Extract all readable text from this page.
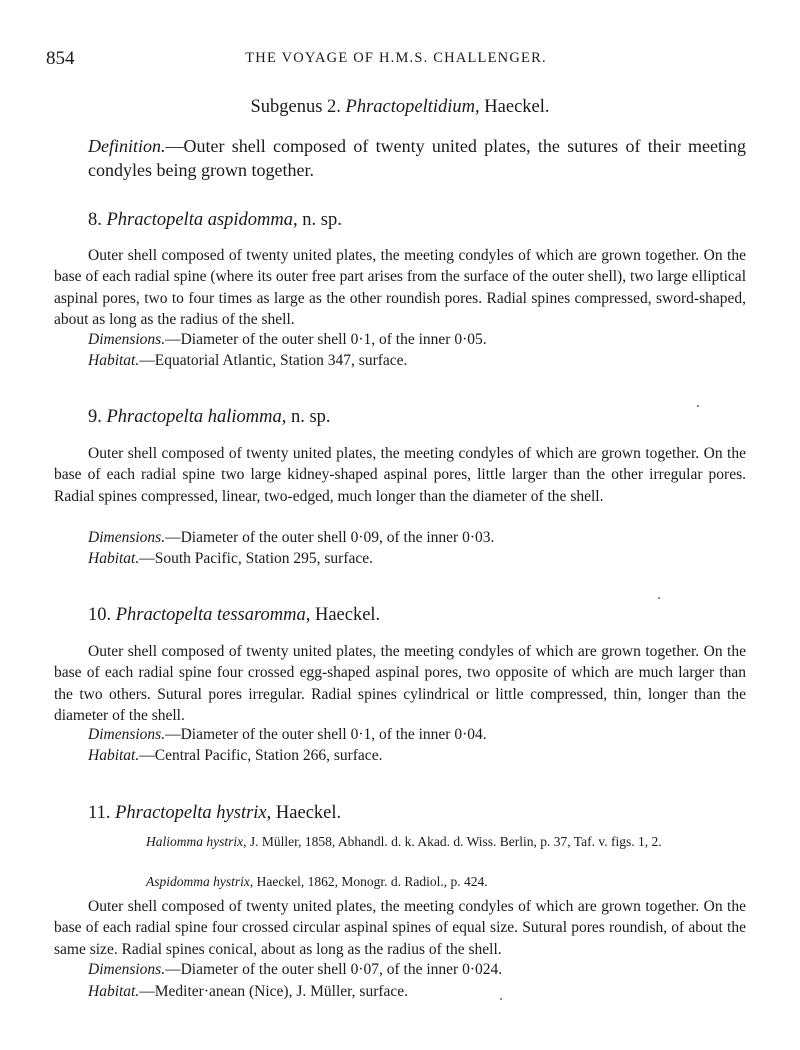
854	THE VOYAGE OF H.M.S. CHALLENGER.
Subgenus 2. Phractopeltidium, Haeckel.
Definition.—Outer shell composed of twenty united plates, the sutures of their meeting condyles being grown together.
8. Phractopelta aspidomma, n. sp.
Outer shell composed of twenty united plates, the meeting condyles of which are grown together. On the base of each radial spine (where its outer free part arises from the surface of the outer shell), two large elliptical aspinal pores, two to four times as large as the other roundish pores. Radial spines compressed, sword-shaped, about as long as the radius of the shell.
Dimensions.—Diameter of the outer shell 0·1, of the inner 0·05.
Habitat.—Equatorial Atlantic, Station 347, surface.
9. Phractopelta haliomma, n. sp.
Outer shell composed of twenty united plates, the meeting condyles of which are grown together. On the base of each radial spine two large kidney-shaped aspinal pores, little larger than the other irregular pores. Radial spines compressed, linear, two-edged, much longer than the diameter of the shell.
Dimensions.—Diameter of the outer shell 0·09, of the inner 0·03.
Habitat.—South Pacific, Station 295, surface.
10. Phractopelta tessaromma, Haeckel.
Outer shell composed of twenty united plates, the meeting condyles of which are grown together. On the base of each radial spine four crossed egg-shaped aspinal pores, two opposite of which are much larger than the two others. Sutural pores irregular. Radial spines cylindrical or little compressed, thin, longer than the diameter of the shell.
Dimensions.—Diameter of the outer shell 0·1, of the inner 0·04.
Habitat.—Central Pacific, Station 266, surface.
11. Phractopelta hystrix, Haeckel.
Haliomma hystrix, J. Müller, 1858, Abhandl. d. k. Akad. d. Wiss. Berlin, p. 37, Taf. v. figs. 1, 2.
Aspidomma hystrix, Haeckel, 1862, Monogr. d. Radiol., p. 424.
Outer shell composed of twenty united plates, the meeting condyles of which are grown together. On the base of each radial spine four crossed circular aspinal spines of equal size. Sutural pores roundish, of about the same size. Radial spines conical, about as long as the radius of the shell.
Dimensions.—Diameter of the outer shell 0·07, of the inner 0·024.
Habitat.—Mediter·anean (Nice), J. Müller, surface.
